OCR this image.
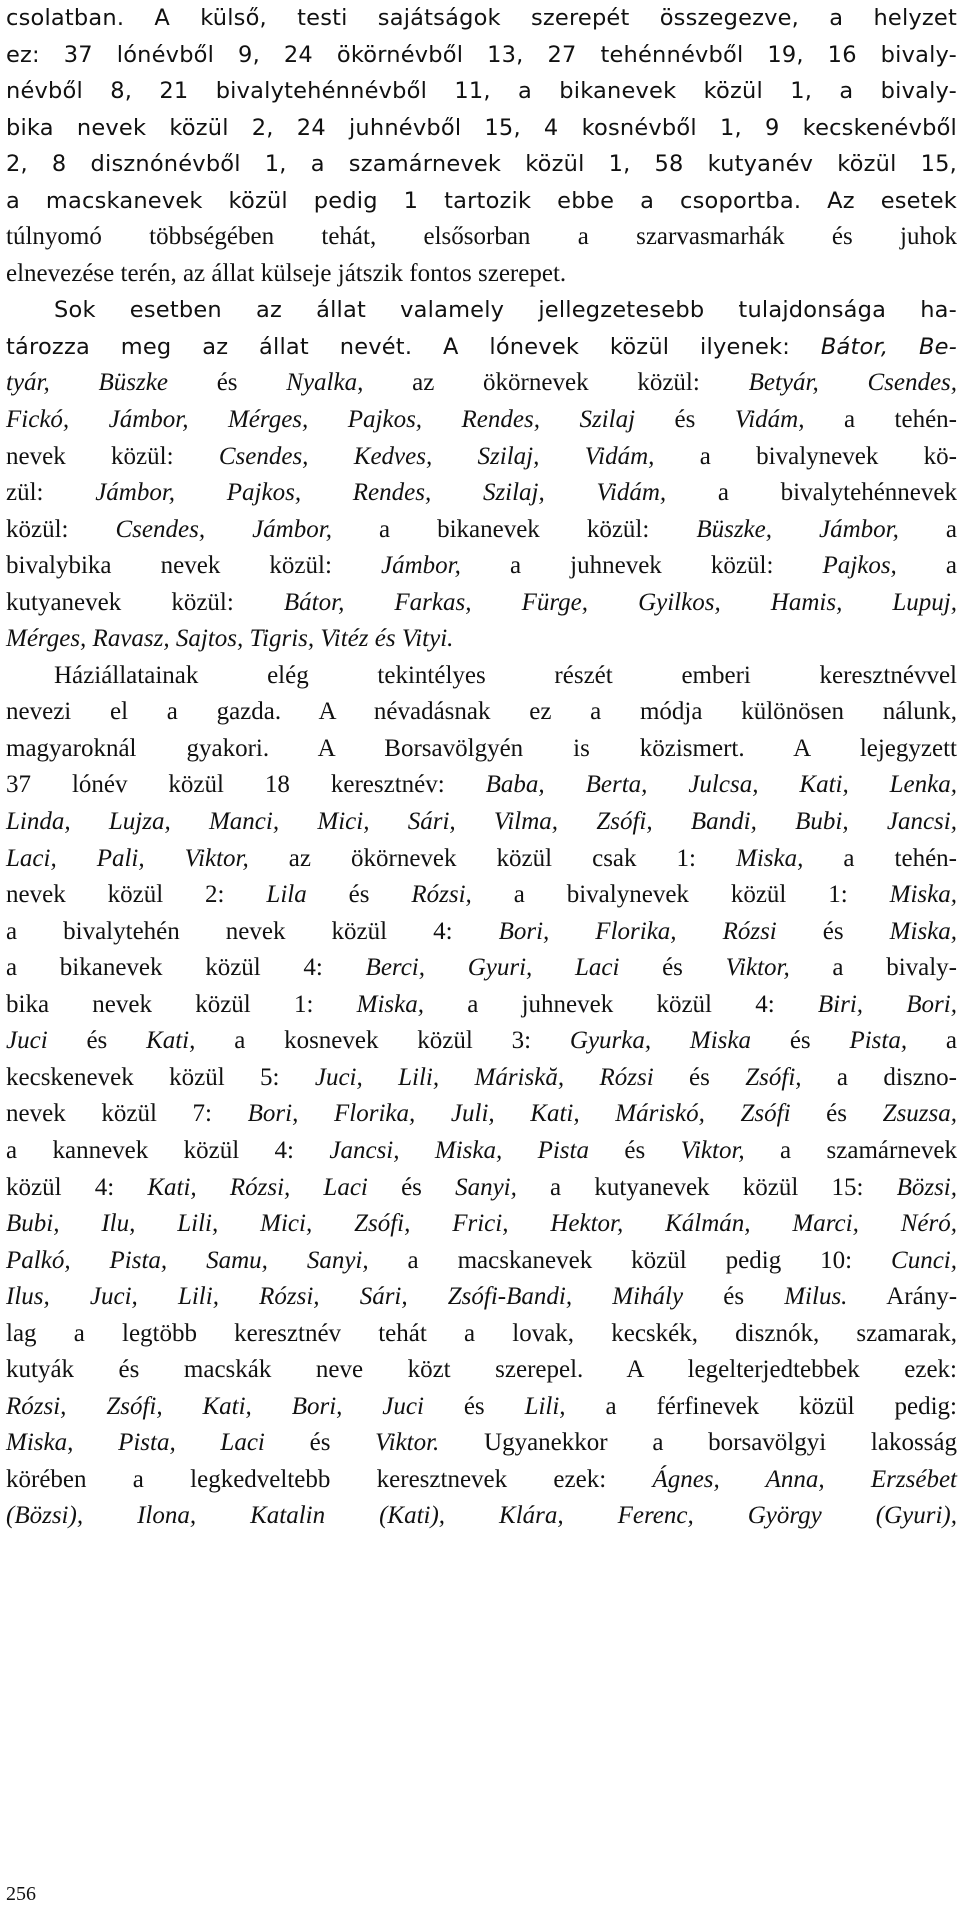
csolatban. A külső, testi sajátságok szerepét összegezve, a helyzet
ez: 37 lónévből 9, 24 ökörnévből 13, 27 tehénnévből 19, 16 bivaly-
névből 8, 21 bivalytehénnévből 11, a bikanevek közül 1, a bivaly-
bika nevek közül 2, 24 juhnévből 15, 4 kosnévből 1, 9 kecskenévből
2, 8 disznónévből 1, a szamárnevek közül 1, 58 kutyanév közül 15,
a macskanevek közül pedig 1 tartozik ebbe a csoportba. Az esetek
túlnyomó többségében tehát, elsősorban a szarvasmarhák és juhok
elnevezése terén, az állat külseje játszik fontos szerepet.
Sok esetben az állat valamely jellegzetesebb tulajdonsága ha-
tározza meg az állat nevét. A lónevek közül ilyenek: Bátor, Be-
tyár, Büszke és Nyalka, az ökörnevek közül: Betyár, Csendes,
Fickó, Jámbor, Mérges, Pajkos, Rendes, Szilaj és Vidám, a tehén-
nevek közül: Csendes, Kedves, Szilaj, Vidám, a bivalynevek kö-
zül: Jámbor, Pajkos, Rendes, Szilaj, Vidám, a bivalytehénnevek
közül: Csendes, Jámbor, a bikanevek közül: Büszke, Jámbor, a
bivalybika nevek közül: Jámbor, a juhnevek közül: Pajkos, a
kutyanevek közül: Bátor, Farkas, Fürge, Gyilkos, Hamis, Lupuj,
Mérges, Ravasz, Sajtos, Tigris, Vitéz és Vityi.
Háziállatainak elég tekintélyes részét emberi keresztnévvel
nevezi el a gazda. A névadásnak ez a módja különösen nálunk,
magyaroknál gyakori. A Borsavölgyén is közismert. A lejegyzett
37 lónév közül 18 keresztnév: Baba, Berta, Julcsa, Kati, Lenka,
Linda, Lujza, Manci, Mici, Sári, Vilma, Zsófi, Bandi, Bubi, Jancsi,
Laci, Pali, Viktor, az ökörnevek közül csak 1: Miska, a tehén-
nevek közül 2: Lila és Rózsi, a bivalynevek közül 1: Miska,
a bivalytehén nevek közül 4: Bori, Florika, Rózsi és Miska,
a bikanevek közül 4: Berci, Gyuri, Laci és Viktor, a bivaly-
bika nevek közül 1: Miska, a juhnevek közül 4: Biri, Bori,
Juci és Kati, a kosnevek közül 3: Gyurka, Miska és Pista, a
kecskenevek közül 5: Juci, Lili, Máriskă, Rózsi és Zsófi, a diszno-
nevek közül 7: Bori, Florika, Juli, Kati, Máriskó, Zsófi és Zsuzsa,
a kannevek közül 4: Jancsi, Miska, Pista és Viktor, a szamárnevek
közül 4: Kati, Rózsi, Laci és Sanyi, a kutyanevek közül 15: Bözsi,
Bubi, Ilu, Lili, Mici, Zsófi, Frici, Hektor, Kálmán, Marci, Néró,
Palkó, Pista, Samu, Sanyi, a macskanevek közül pedig 10: Cunci,
Ilus, Juci, Lili, Rózsi, Sári, Zsófi-Bandi, Mihály és Milus. Arány-
lag a legtöbb keresztnév tehát a lovak, kecskék, disznók, szamarak,
kutyák és macskák neve közt szerepel. A legelterjedtebbek ezek:
Rózsi, Zsófi, Kati, Bori, Juci és Lili, a férfinevek közül pedig:
Miska, Pista, Laci és Viktor. Ugyanekkor a borsavölgyi lakosság
körében a legkedveltebb keresztnevek ezek: Ágnes, Anna, Erzsébet
(Bözsi), Ilona, Katalin (Kati), Klára, Ferenc, György (Gyuri),
256
